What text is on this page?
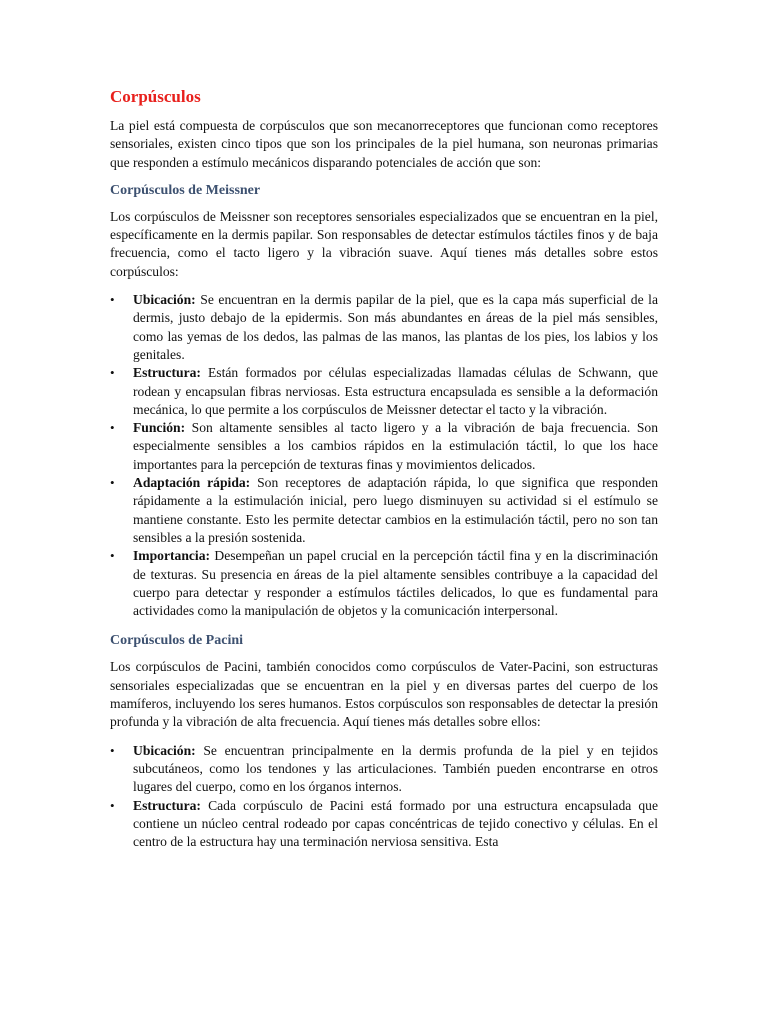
Corpúsculos

La piel está compuesta de corpúsculos que son mecanorreceptores que funcionan como receptores sensoriales, existen cinco tipos que son los principales de la piel humana, son neuronas primarias que responden a estímulo mecánicos disparando potenciales de acción que son:

Corpúsculos de Meissner

Los corpúsculos de Meissner son receptores sensoriales especializados que se encuentran en la piel, específicamente en la dermis papilar. Son responsables de detectar estímulos táctiles finos y de baja frecuencia, como el tacto ligero y la vibración suave. Aquí tienes más detalles sobre estos corpúsculos:

• Ubicación: Se encuentran en la dermis papilar de la piel, que es la capa más superficial de la dermis, justo debajo de la epidermis. Son más abundantes en áreas de la piel más sensibles, como las yemas de los dedos, las palmas de las manos, las plantas de los pies, los labios y los genitales.
• Estructura: Están formados por células especializadas llamadas células de Schwann, que rodean y encapsulan fibras nerviosas. Esta estructura encapsulada es sensible a la deformación mecánica, lo que permite a los corpúsculos de Meissner detectar el tacto y la vibración.
• Función: Son altamente sensibles al tacto ligero y a la vibración de baja frecuencia. Son especialmente sensibles a los cambios rápidos en la estimulación táctil, lo que los hace importantes para la percepción de texturas finas y movimientos delicados.
• Adaptación rápida: Son receptores de adaptación rápida, lo que significa que responden rápidamente a la estimulación inicial, pero luego disminuyen su actividad si el estímulo se mantiene constante. Esto les permite detectar cambios en la estimulación táctil, pero no son tan sensibles a la presión sostenida.
• Importancia: Desempeñan un papel crucial en la percepción táctil fina y en la discriminación de texturas. Su presencia en áreas de la piel altamente sensibles contribuye a la capacidad del cuerpo para detectar y responder a estímulos táctiles delicados, lo que es fundamental para actividades como la manipulación de objetos y la comunicación interpersonal.
Corpúsculos de Pacini

Los corpúsculos de Pacini, también conocidos como corpúsculos de Vater-Pacini, son estructuras sensoriales especializadas que se encuentran en la piel y en diversas partes del cuerpo de los mamíferos, incluyendo los seres humanos. Estos corpúsculos son responsables de detectar la presión profunda y la vibración de alta frecuencia. Aquí tienes más detalles sobre ellos:

• Ubicación: Se encuentran principalmente en la dermis profunda de la piel y en tejidos subcutáneos, como los tendones y las articulaciones. También pueden encontrarse en otros lugares del cuerpo, como en los órganos internos.
• Estructura: Cada corpúsculo de Pacini está formado por una estructura encapsulada que contiene un núcleo central rodeado por capas concéntricas de tejido conectivo y células. En el centro de la estructura hay una terminación nerviosa sensitiva. Esta
